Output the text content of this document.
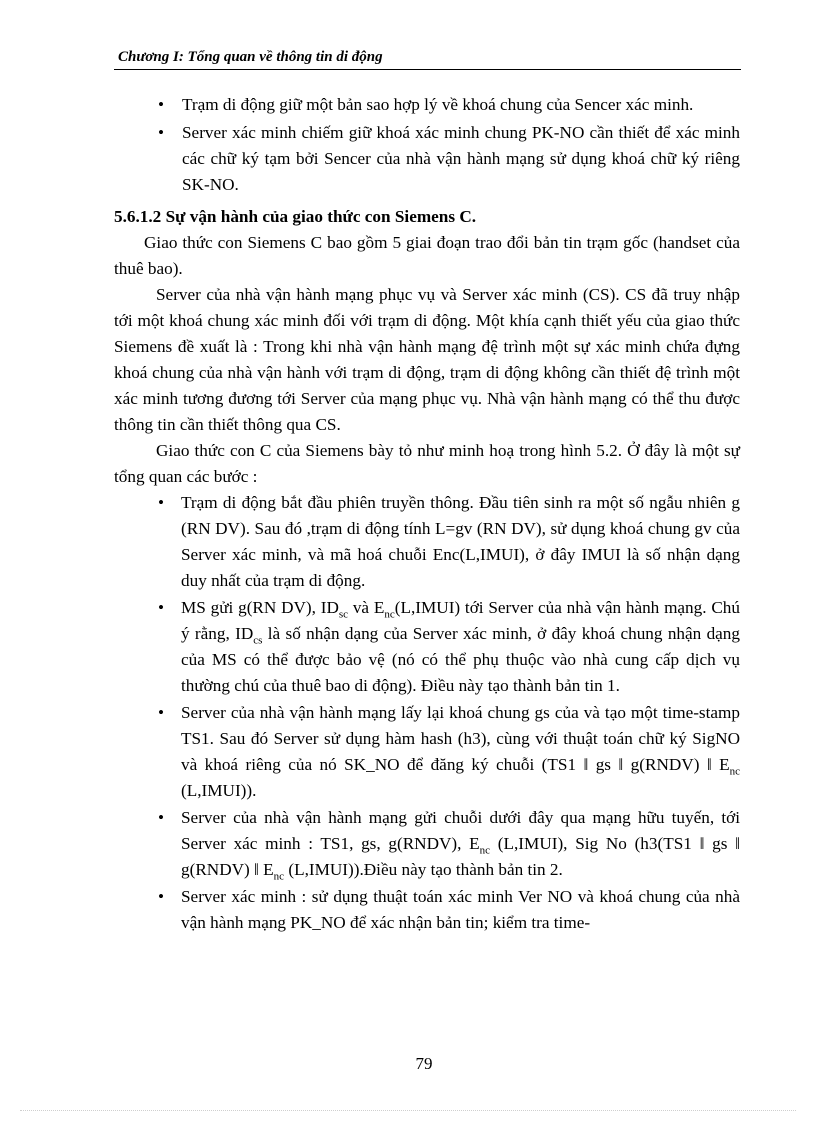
Chương I: Tổng quan về thông tin di động
• Trạm di động giữ một bản sao hợp lý về khoá chung của Sencer xác minh.
• Server xác minh chiếm giữ khoá xác minh chung PK-NO cần thiết để xác minh các chữ ký tạm bởi Sencer của nhà vận hành mạng sử dụng khoá chữ ký riêng SK-NO.

5.6.1.2 Sự vận hành của giao thức con Siemens C.

Giao thức con Siemens C bao gồm 5 giai đoạn trao đổi bản tin trạm gốc (handset của thuê bao).

Server của nhà vận hành mạng phục vụ và Server xác minh (CS). CS đã truy nhập tới một khoá chung xác minh đối với trạm di động. Một khía cạnh thiết yếu của giao thức Siemens đề xuất là : Trong khi nhà vận hành mạng đệ trình một sự xác minh chứa đựng khoá chung của nhà vận hành với trạm di động, trạm di động không cần thiết đệ trình một xác minh tương đương tới Server của mạng phục vụ. Nhà vận hành mạng có thể thu được thông tin cần thiết thông qua CS.

Giao thức con C của Siemens bày tỏ như minh hoạ trong hình 5.2. Ở đây là một sự tổng quan các bước :

• Trạm di động bắt đầu phiên truyền thông. Đầu tiên sinh ra một số ngẫu nhiên g (RN DV). Sau đó ,trạm di động tính L=gv (RN DV), sử dụng khoá chung gv của Server xác minh, và mã hoá chuỗi Enc(L,IMUI), ở đây IMUI là số nhận dạng duy nhất của trạm di động.
• MS gửi g(RN DV), $ID_{sc}$ và $E_{nc}(L,IMUI)$ tới Server của nhà vận hành mạng. Chú ý rằng, $ID_{cs}$ là số nhận dạng của Server xác minh, ở đây khoá chung nhận dạng của MS có thể được bảo vệ (nó có thể phụ thuộc vào nhà cung cấp dịch vụ thường chú của thuê bao di động). Điều này tạo thành bản tin 1.
• Server của nhà vận hành mạng lấy lại khoá chung gs của và tạo một time-stamp TS1. Sau đó Server sử dụng hàm hash (h3), cùng với thuật toán chữ ký SigNO và khoá riêng của nó SK_NO để đăng ký chuỗi (TS1 ‖ gs ‖ g(RNDV) ‖ $E_{nc}$ (L,IMUI)).
• Server của nhà vận hành mạng gửi chuỗi dưới đây qua mạng hữu tuyến, tới Server xác minh : TS1, gs, g(RNDV), $E_{nc}$ (L,IMUI), Sig No (h3(TS1 ‖ gs ‖ g(RNDV) ‖ $E_{nc}$ (L,IMUI)).Điều này tạo thành bản tin 2.
• Server xác minh : sử dụng thuật toán xác minh Ver NO và khoá chung của nhà vận hành mạng PK_NO để xác nhận bản tin; kiểm tra time-
79
